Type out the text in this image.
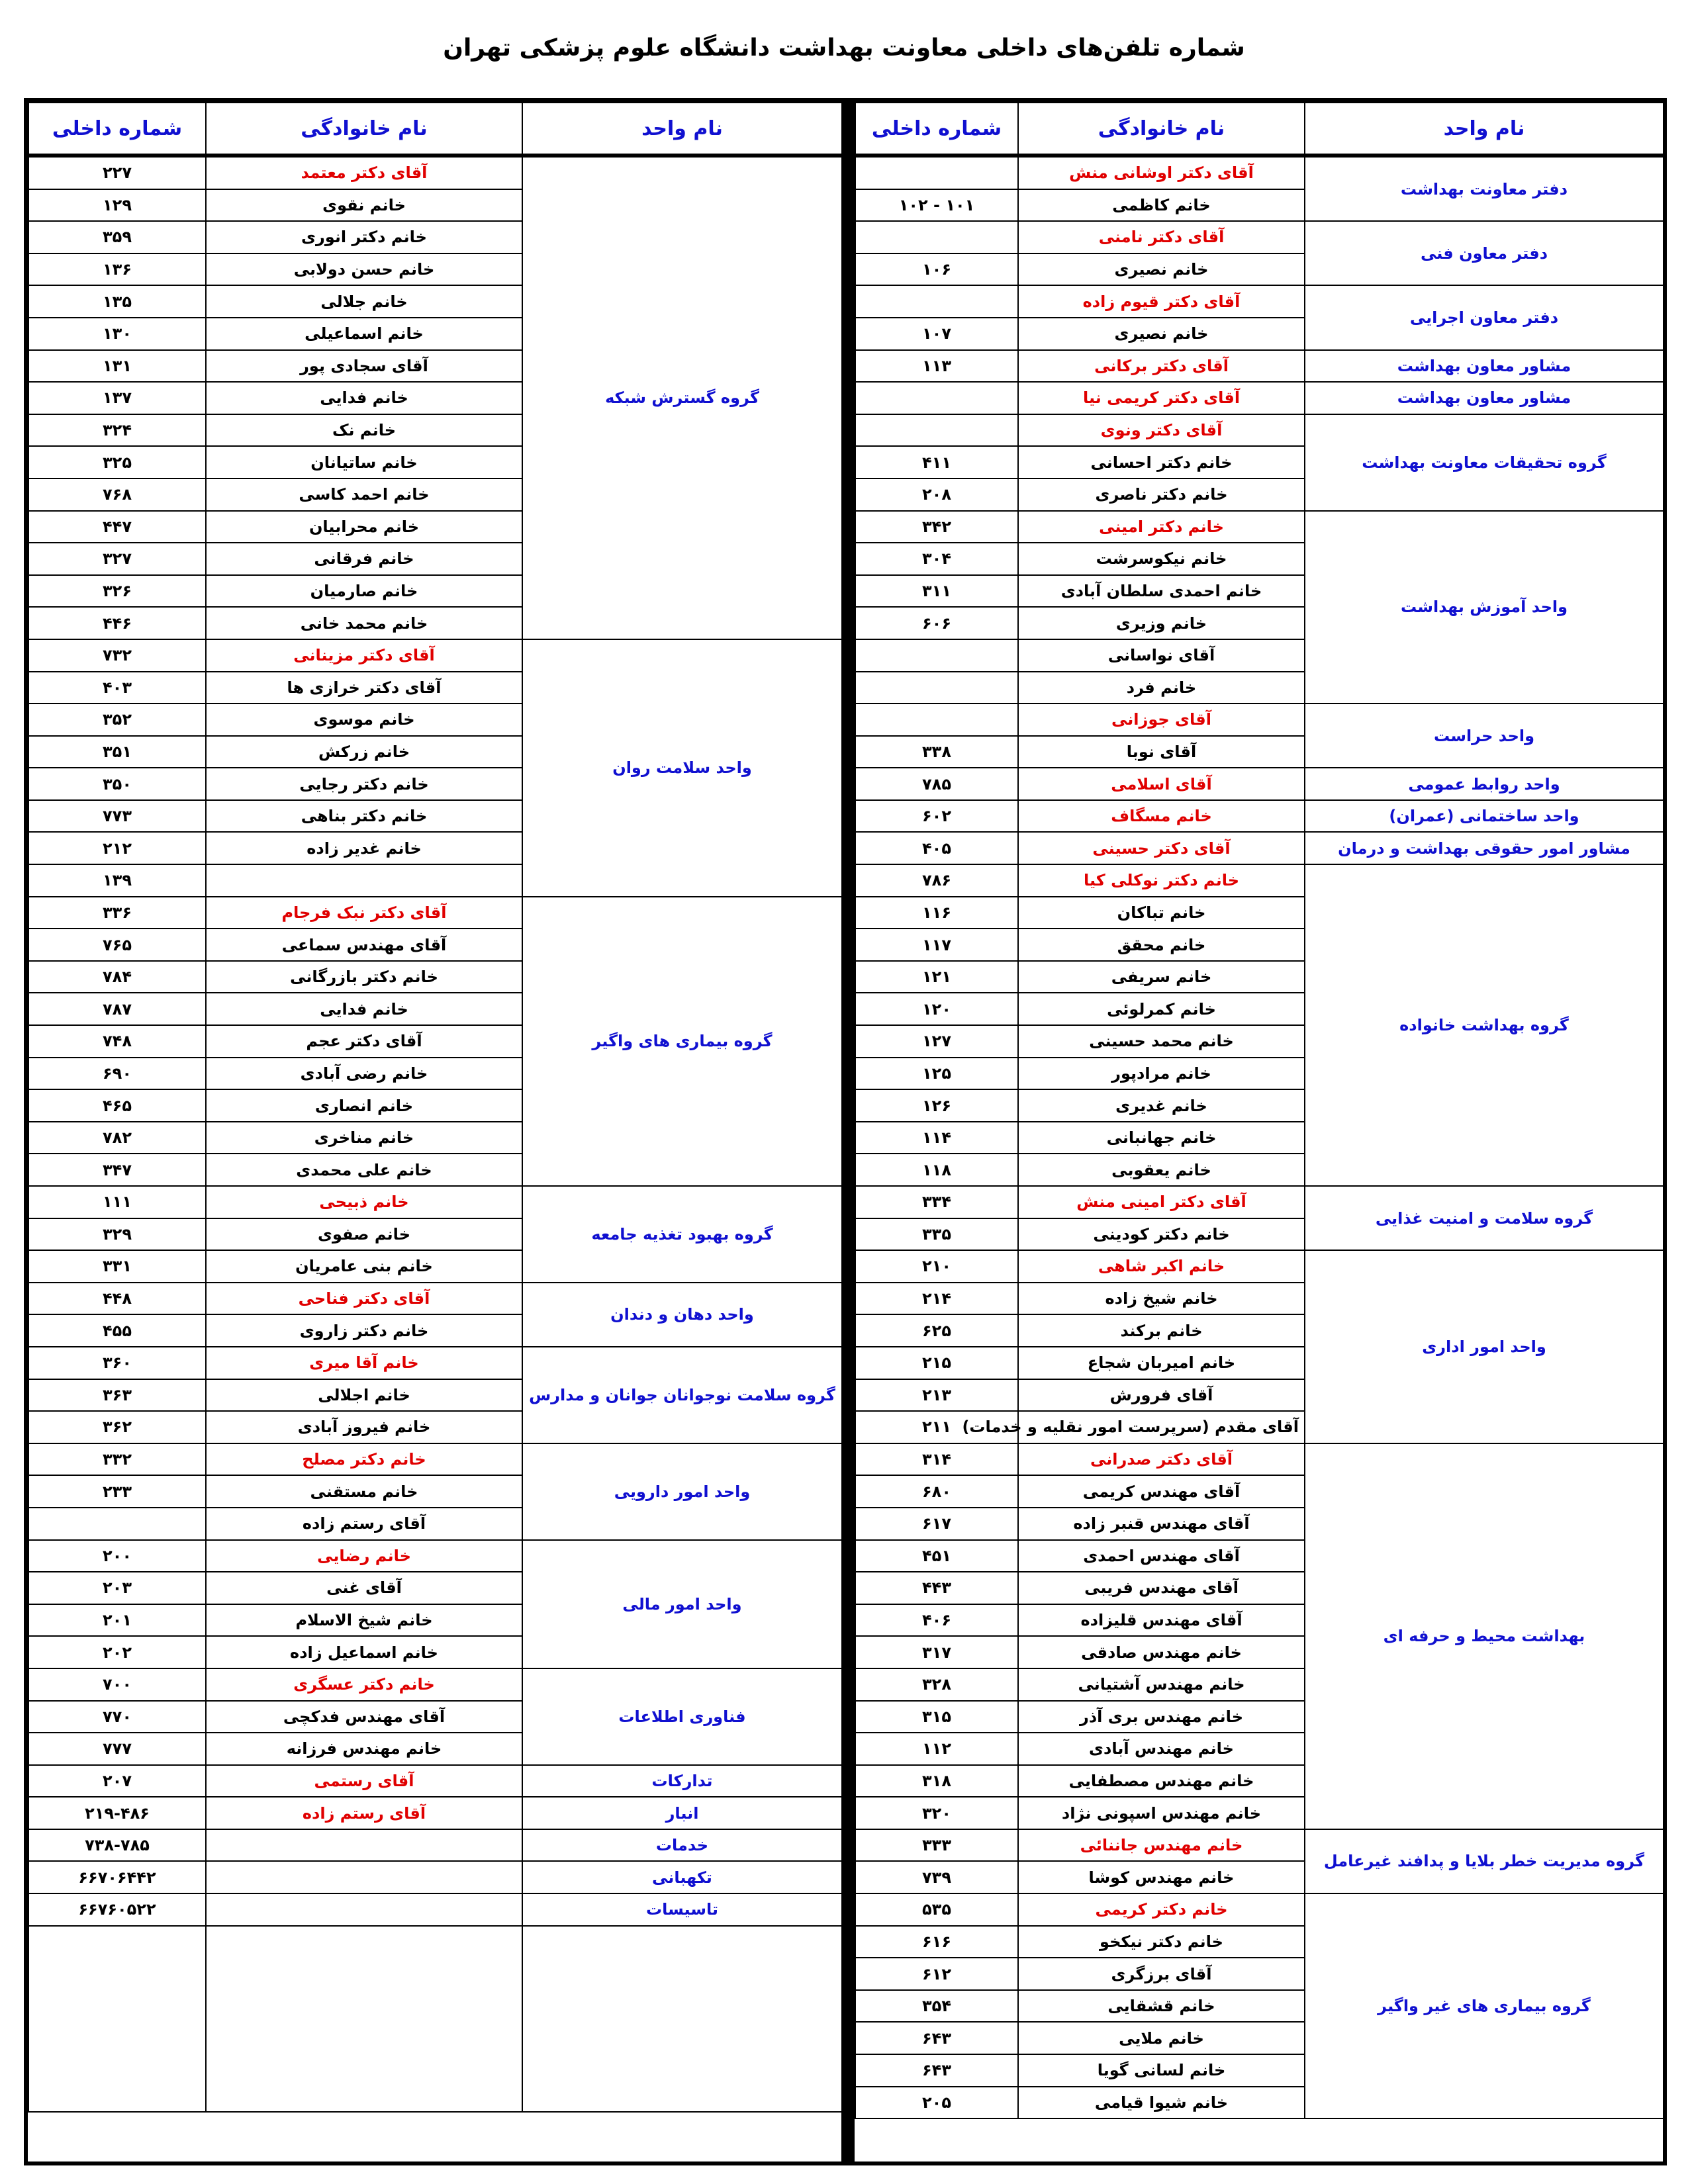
شماره تلفن‌های داخلی معاونت بهداشت دانشگاه علوم پزشکی تهران
نام واحد	نام خانوادگی	شماره داخلی
دفتر معاونت بهداشت	آقای دکتر اوشانی منش	
	خانم کاظمی	۱۰۱ - ۱۰۲
دفتر معاون فنی	آقای دکتر نامنی	
	خانم نصیری	۱۰۶
دفتر معاون اجرایی	آقای دکتر قیوم زاده	
	خانم نصیری	۱۰۷
مشاور معاون بهداشت	آقای دکتر برکانی	۱۱۳
مشاور معاون بهداشت	آقای دکتر کریمی نیا	
گروه تحقیقات معاونت بهداشت	آقای دکتر ونوی	
	خانم دکتر احسانی	۴۱۱
	خانم دکتر ناصری	۲۰۸
واحد آموزش بهداشت	خانم دکتر امینی	۳۴۲
	خانم نیکوسرشت	۳۰۴
	خانم احمدی سلطان آبادی	۳۱۱
	خانم وزیری	۶۰۶
	آقای نواسانی	
	خانم فرد	
واحد حراست	آقای جوزانی	
	آقای نوبا	۳۳۸
واحد روابط عمومی	آقای اسلامی	۷۸۵
واحد ساختمانی (عمران)	خانم مسگاف	۶۰۲
مشاور امور حقوقی بهداشت و درمان	آقای دکتر حسینی	۴۰۵
گروه بهداشت خانواده	خانم دکتر نوکلی کیا	۷۸۶
	خانم تباکان	۱۱۶
	خانم محقق	۱۱۷
	خانم سریفی	۱۲۱
	خانم کمرلوئی	۱۲۰
	خانم محمد حسینی	۱۲۷
	خانم مرادپور	۱۲۵
	خانم غدیری	۱۲۶
	خانم جهانبانی	۱۱۴
	خانم یعقوبی	۱۱۸
گروه سلامت و امنیت غذایی	آقای دکتر امینی منش	۳۳۴
	خانم دکتر کودینی	۳۳۵
واحد امور اداری	خانم اکبر شاهی	۲۱۰
	خانم شیخ زاده	۲۱۴
	خانم برکند	۶۲۵
	خانم امیربان شجاع	۲۱۵
	آقای فرورش	۲۱۳
	آقای مقدم (سرپرست امور نقلیه و خدمات)	۲۱۱

بهداشت محیط و حرفه ای	آقای دکتر صدرانی	۳۱۴
	آقای مهندس کریمی	۶۸۰
	آقای مهندس قنبر زاده	۶۱۷
	آقای مهندس احمدی	۴۵۱
	آقای مهندس فریبی	۴۴۳
	آقای مهندس قلیزاده	۴۰۶
	خانم مهندس صادقی	۳۱۷
	خانم مهندس آشتیانی	۳۲۸
	خانم مهندس بری آذر	۳۱۵
	خانم مهندس آبادی	۱۱۲
	خانم مهندس مصطفایی	۳۱۸
	خانم مهندس اسپونی نژاد	۳۲۰
گروه مدیریت خطر بلایا و پدافند غیرعامل	خانم مهندس جاننائی	۳۳۳
	خانم مهندس کوشا	۷۳۹
گروه بیماری های غیر واگیر	خانم دکتر کریمی	۵۳۵
	خانم دکتر نیکخو	۶۱۶
	آقای برزگری	۶۱۲
	خانم قشقایی	۳۵۴
	خانم ملایی	۶۴۳
	خانم لسانی گویا	۶۴۳
	خانم شیوا قیامی	۲۰۵
نام واحد	نام خانوادگی	شماره داخلی
گروه گسترش شبکه	آقای دکتر معتمد	۲۲۷
	خانم نقوی	۱۲۹
	خانم دکتر انوری	۳۵۹
	خانم حسن دولابی	۱۳۶
	خانم جلالی	۱۳۵
	خانم اسماعیلی	۱۳۰
	آقای سجادی پور	۱۳۱
	خانم فدایی	۱۳۷
	خانم نک	۳۲۴
	خانم ساتیانان	۳۲۵
	خانم احمد کاسی	۷۶۸
	خانم محرابیان	۴۴۷
	خانم فرقانی	۳۲۷
	خانم صارمیان	۳۲۶
	خانم محمد خانی	۴۴۶
واحد سلامت روان	آقای دکتر مزینانی	۷۳۲
	آقای دکتر خرازی ها	۴۰۳
	خانم موسوی	۳۵۲
	خانم زرکش	۳۵۱
	خانم دکتر رجایی	۳۵۰
	خانم دکتر بناهی	۷۷۳
	خانم غدیر زاده	۲۱۲
		۱۳۹
گروه بیماری های واگیر	آقای دکتر نبک فرجام	۳۳۶
	آقای مهندس سماعی	۷۶۵
	خانم دکتر بازرگانی	۷۸۴
	خانم فدایی	۷۸۷
	آقای دکتر عجم	۷۴۸
	خانم رضی آبادی	۶۹۰
	خانم انصاری	۴۶۵
	خانم مناخری	۷۸۲
	خانم علی محمدی	۳۴۷
گروه بهبود تغذیه جامعه	خانم ذبیحی	۱۱۱
	خانم صفوی	۳۲۹
	خانم بنی عامریان	۳۳۱
واحد دهان و دندان	آقای دکتر فناحی	۴۴۸
	خانم دکتر زاروی	۴۵۵
گروه سلامت نوجوانان جوانان و مدارس	خانم آقا میری	۳۶۰
	خانم اجلالی	۳۶۳
	خانم فیروز آبادی	۳۶۲

واحد امور دارویی	خانم دکتر مصلح	۳۳۲
	خانم مستقنی	۲۳۳
	آقای رستم زاده	
واحد امور مالی	خانم رضایی	۲۰۰
	آقای غنی	۲۰۳
	خانم شیخ الاسلام	۲۰۱
	خانم اسماعیل زاده	۲۰۲
فناوری اطلاعات	خانم دکتر عسگری	۷۰۰
	آقای مهندس فدکچی	۷۷۰
	خانم مهندس فرزانه	۷۷۷
تدارکات	آقای رستمی	۲۰۷
انبار	آقای رستم زاده	۲۱۹-۴۸۶
خدمات		۷۳۸-۷۸۵
تکهبانی		۶۶۷۰۶۴۴۲
تاسیسات		۶۶۷۶۰۵۲۲
